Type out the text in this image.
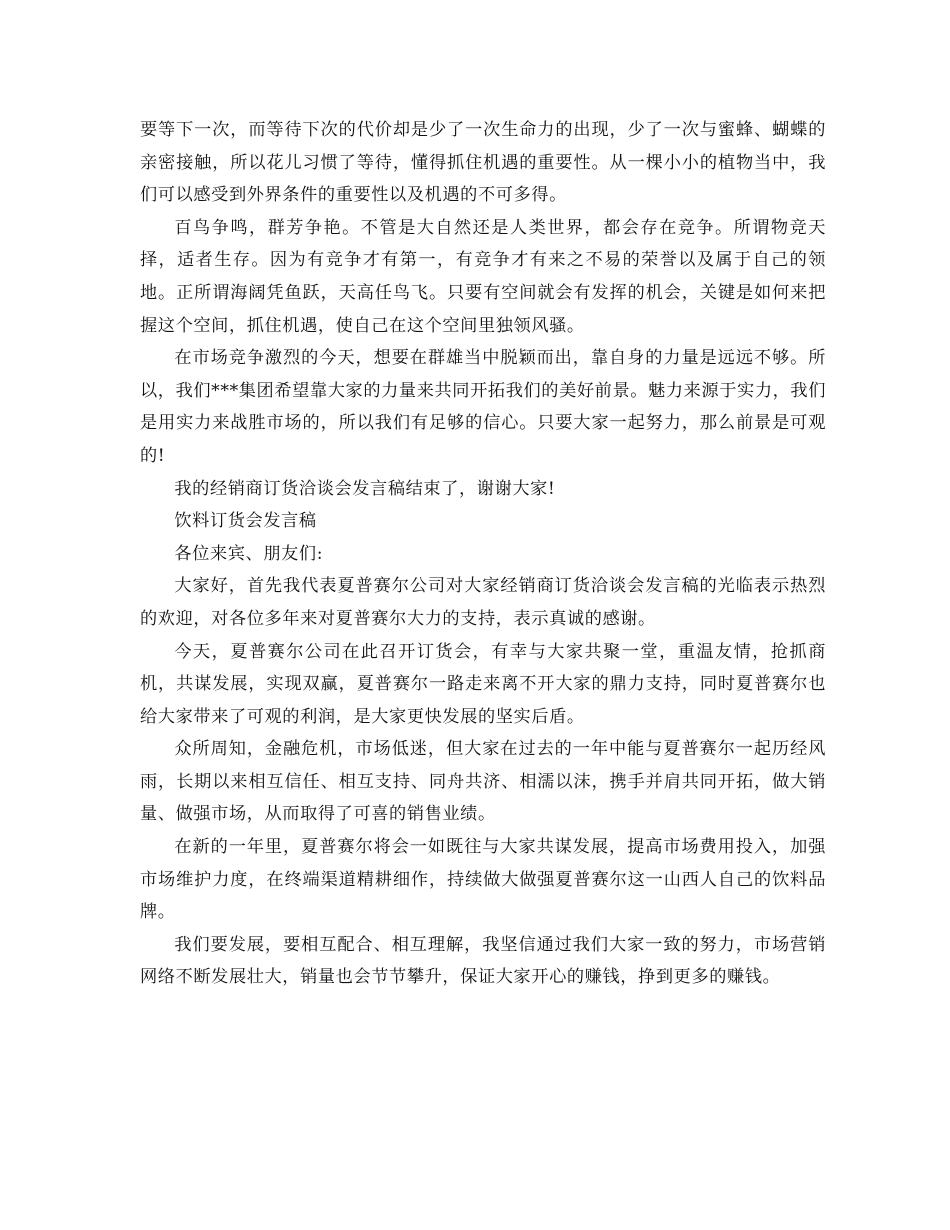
要等下一次，而等待下次的代价却是少了一次生命力的出现，少了一次与蜜蜂、蝴蝶的亲密接触，所以花儿习惯了等待，懂得抓住机遇的重要性。从一棵小小的植物当中，我们可以感受到外界条件的重要性以及机遇的不可多得。

百鸟争鸣，群芳争艳。不管是大自然还是人类世界，都会存在竞争。所谓物竞天择，适者生存。因为有竞争才有第一，有竞争才有来之不易的荣誉以及属于自己的领地。正所谓海阔凭鱼跃，天高任鸟飞。只要有空间就会有发挥的机会，关键是如何来把握这个空间，抓住机遇，使自己在这个空间里独领风骚。

在市场竞争激烈的今天，想要在群雄当中脱颖而出，靠自身的力量是远远不够。所以，我们***集团希望靠大家的力量来共同开拓我们的美好前景。魅力来源于实力，我们是用实力来战胜市场的，所以我们有足够的信心。只要大家一起努力，那么前景是可观的!

我的经销商订货洽谈会发言稿结束了，谢谢大家!

饮料订货会发言稿

各位来宾、朋友们:

大家好，首先我代表夏普赛尔公司对大家经销商订货洽谈会发言稿的光临表示热烈的欢迎，对各位多年来对夏普赛尔大力的支持，表示真诚的感谢。

今天，夏普赛尔公司在此召开订货会，有幸与大家共聚一堂，重温友情，抢抓商机，共谋发展，实现双赢，夏普赛尔一路走来离不开大家的鼎力支持，同时夏普赛尔也给大家带来了可观的利润，是大家更快发展的坚实后盾。

众所周知，金融危机，市场低迷，但大家在过去的一年中能与夏普赛尔一起历经风雨，长期以来相互信任、相互支持、同舟共济、相濡以沫，携手并肩共同开拓，做大销量、做强市场，从而取得了可喜的销售业绩。

在新的一年里，夏普赛尔将会一如既往与大家共谋发展，提高市场费用投入，加强市场维护力度，在终端渠道精耕细作，持续做大做强夏普赛尔这一山西人自己的饮料品牌。

我们要发展，要相互配合、相互理解，我坚信通过我们大家一致的努力，市场营销网络不断发展壮大，销量也会节节攀升，保证大家开心的赚钱，挣到更多的赚钱。
